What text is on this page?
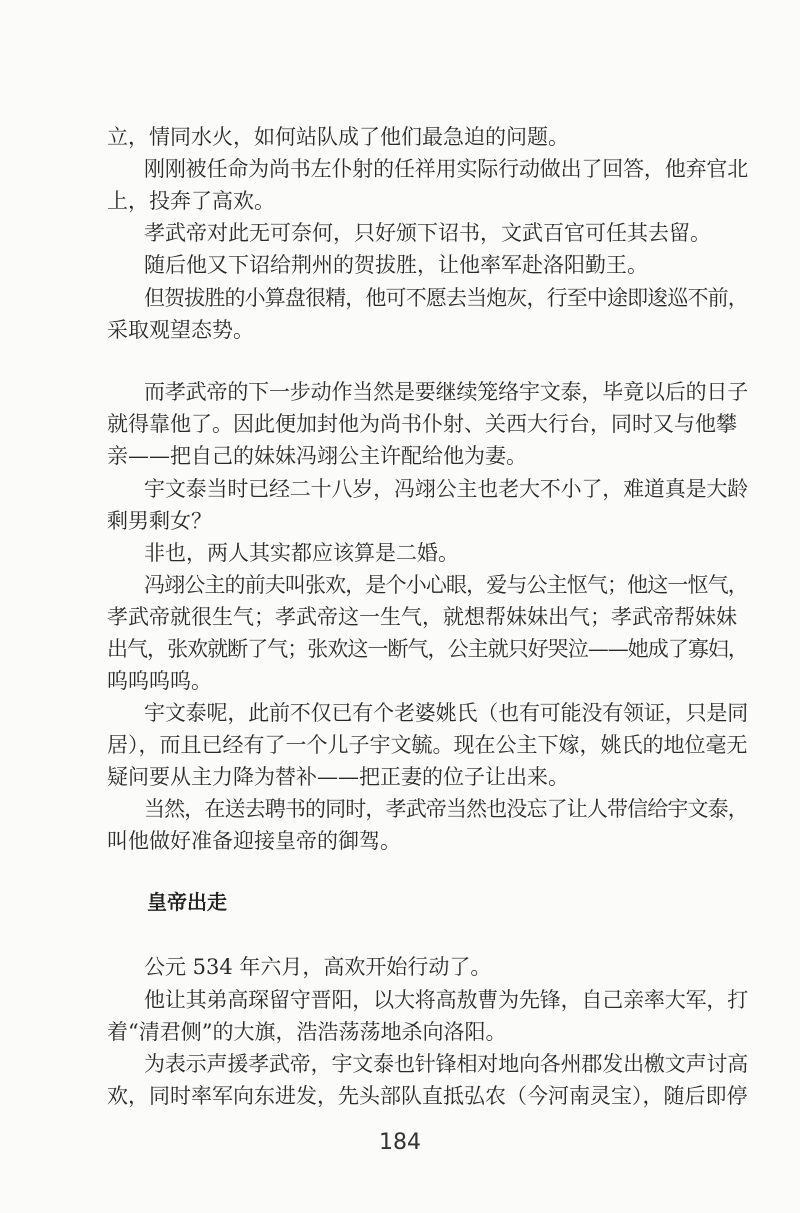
立，情同水火，如何站队成了他们最急迫的问题。
刚刚被任命为尚书左仆射的任祥用实际行动做出了回答，他弃官北
上，投奔了高欢。
孝武帝对此无可奈何，只好颁下诏书，文武百官可任其去留。
随后他又下诏给荆州的贺拔胜，让他率军赴洛阳勤王。
但贺拔胜的小算盘很精，他可不愿去当炮灰，行至中途即逡巡不前，
采取观望态势。
而孝武帝的下一步动作当然是要继续笼络宇文泰，毕竟以后的日子
就得靠他了。因此便加封他为尚书仆射、关西大行台，同时又与他攀
亲——把自己的妹妹冯翊公主许配给他为妻。
宇文泰当时已经二十八岁，冯翊公主也老大不小了，难道真是大龄
剩男剩女？
非也，两人其实都应该算是二婚。
冯翊公主的前夫叫张欢，是个小心眼，爱与公主怄气；他这一怄气，
孝武帝就很生气；孝武帝这一生气，就想帮妹妹出气；孝武帝帮妹妹
出气，张欢就断了气；张欢这一断气，公主就只好哭泣——她成了寡妇，
呜呜呜呜。
宇文泰呢，此前不仅已有个老婆姚氏（也有可能没有领证，只是同
居），而且已经有了一个儿子宇文毓。现在公主下嫁，姚氏的地位毫无
疑问要从主力降为替补——把正妻的位子让出来。
当然，在送去聘书的同时，孝武帝当然也没忘了让人带信给宇文泰，
叫他做好准备迎接皇帝的御驾。
皇帝出走
公元 534 年六月，高欢开始行动了。
他让其弟高琛留守晋阳，以大将高敖曹为先锋，自己亲率大军，打
着“清君侧”的大旗，浩浩荡荡地杀向洛阳。
为表示声援孝武帝，宇文泰也针锋相对地向各州郡发出檄文声讨高
欢，同时率军向东进发，先头部队直抵弘农（今河南灵宝），随后即停
184
